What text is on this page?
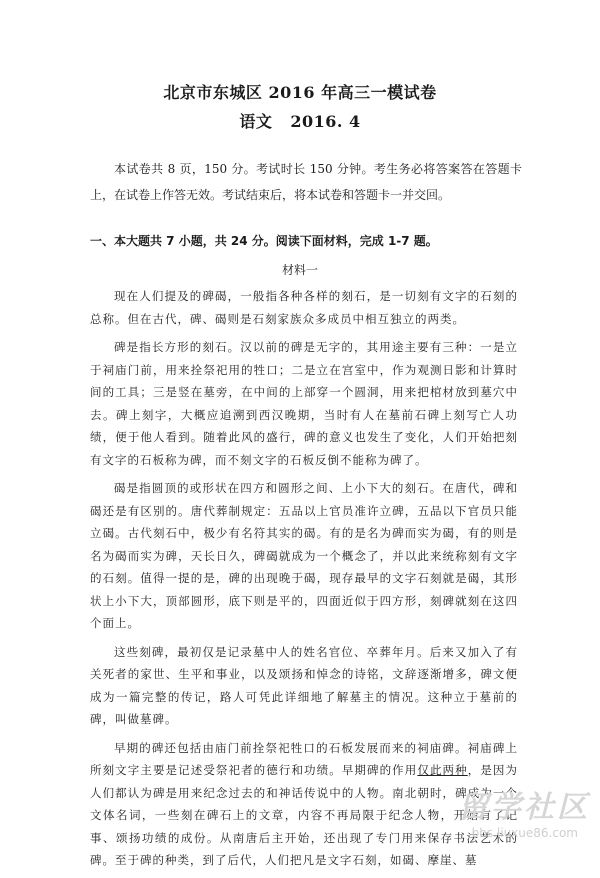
北京市东城区 2016 年高三一模试卷
语文 2016. 4
本试卷共 8 页，150 分。考试时长 150 分钟。考生务必将答案答在答题卡上，在试卷上作答无效。考试结束后，将本试卷和答题卡一并交回。
一、本大题共 7 小题，共 24 分。阅读下面材料，完成 1-7 题。
材料一

现在人们提及的碑碣，一般指各种各样的刻石，是一切刻有文字的石刻的总称。但在古代，碑、碣则是石刻家族众多成员中相互独立的两类。

碑是指长方形的刻石。汉以前的碑是无字的，其用途主要有三种：一是立于祠庙门前，用来拴祭祀用的牲口；二是立在宫室中，作为观测日影和计算时间的工具；三是竖在墓旁，在中间的上部穿一个圆洞，用来把棺材放到墓穴中去。碑上刻字，大概应追溯到西汉晚期，当时有人在墓前石碑上刻写亡人功绩，便于他人看到。随着此风的盛行，碑的意义也发生了变化，人们开始把刻有文字的石板称为碑，而不刻文字的石板反倒不能称为碑了。

碣是指圆顶的或形状在四方和圆形之间、上小下大的刻石。在唐代，碑和碣还是有区别的。唐代葬制规定：五品以上官员准许立碑，五品以下官员只能立碣。古代刻石中，极少有名符其实的碣。有的是名为碑而实为碣，有的则是名为碣而实为碑，天长日久，碑碣就成为一个概念了，并以此来统称刻有文字的石刻。值得一提的是，碑的出现晚于碣，现存最早的文字石刻就是碣，其形状上小下大，顶部圆形，底下则是平的，四面近似于四方形，刻碑就刻在这四个面上。

这些刻碑，最初仅是记录墓中人的姓名官位、卒葬年月。后来又加入了有关死者的家世、生平和事业，以及颂扬和悼念的诗铭，文辞逐渐增多，碑文便成为一篇完整的传记，路人可凭此详细地了解墓主的情况。这种立于墓前的碑，叫做墓碑。

早期的碑还包括由庙门前拴祭祀牲口的石板发展而来的祠庙碑。祠庙碑上所刻文字主要是记述受祭祀者的德行和功绩。早期碑的作用仅此两种，是因为人们都认为碑是用来纪念过去的和神话传说中的人物。南北朝时，碑成为一个文体名词，一些刻在碑石上的文章，内容不再局限于纪念人物，开始有了记事、颂扬功绩的成份。从南唐后主开始，还出现了专门用来保存书法艺术的碑。至于碑的种类，到了后代，人们把凡是文字石刻，如碣、摩崖、墓

留学社区
bbs.liuxue86.com
